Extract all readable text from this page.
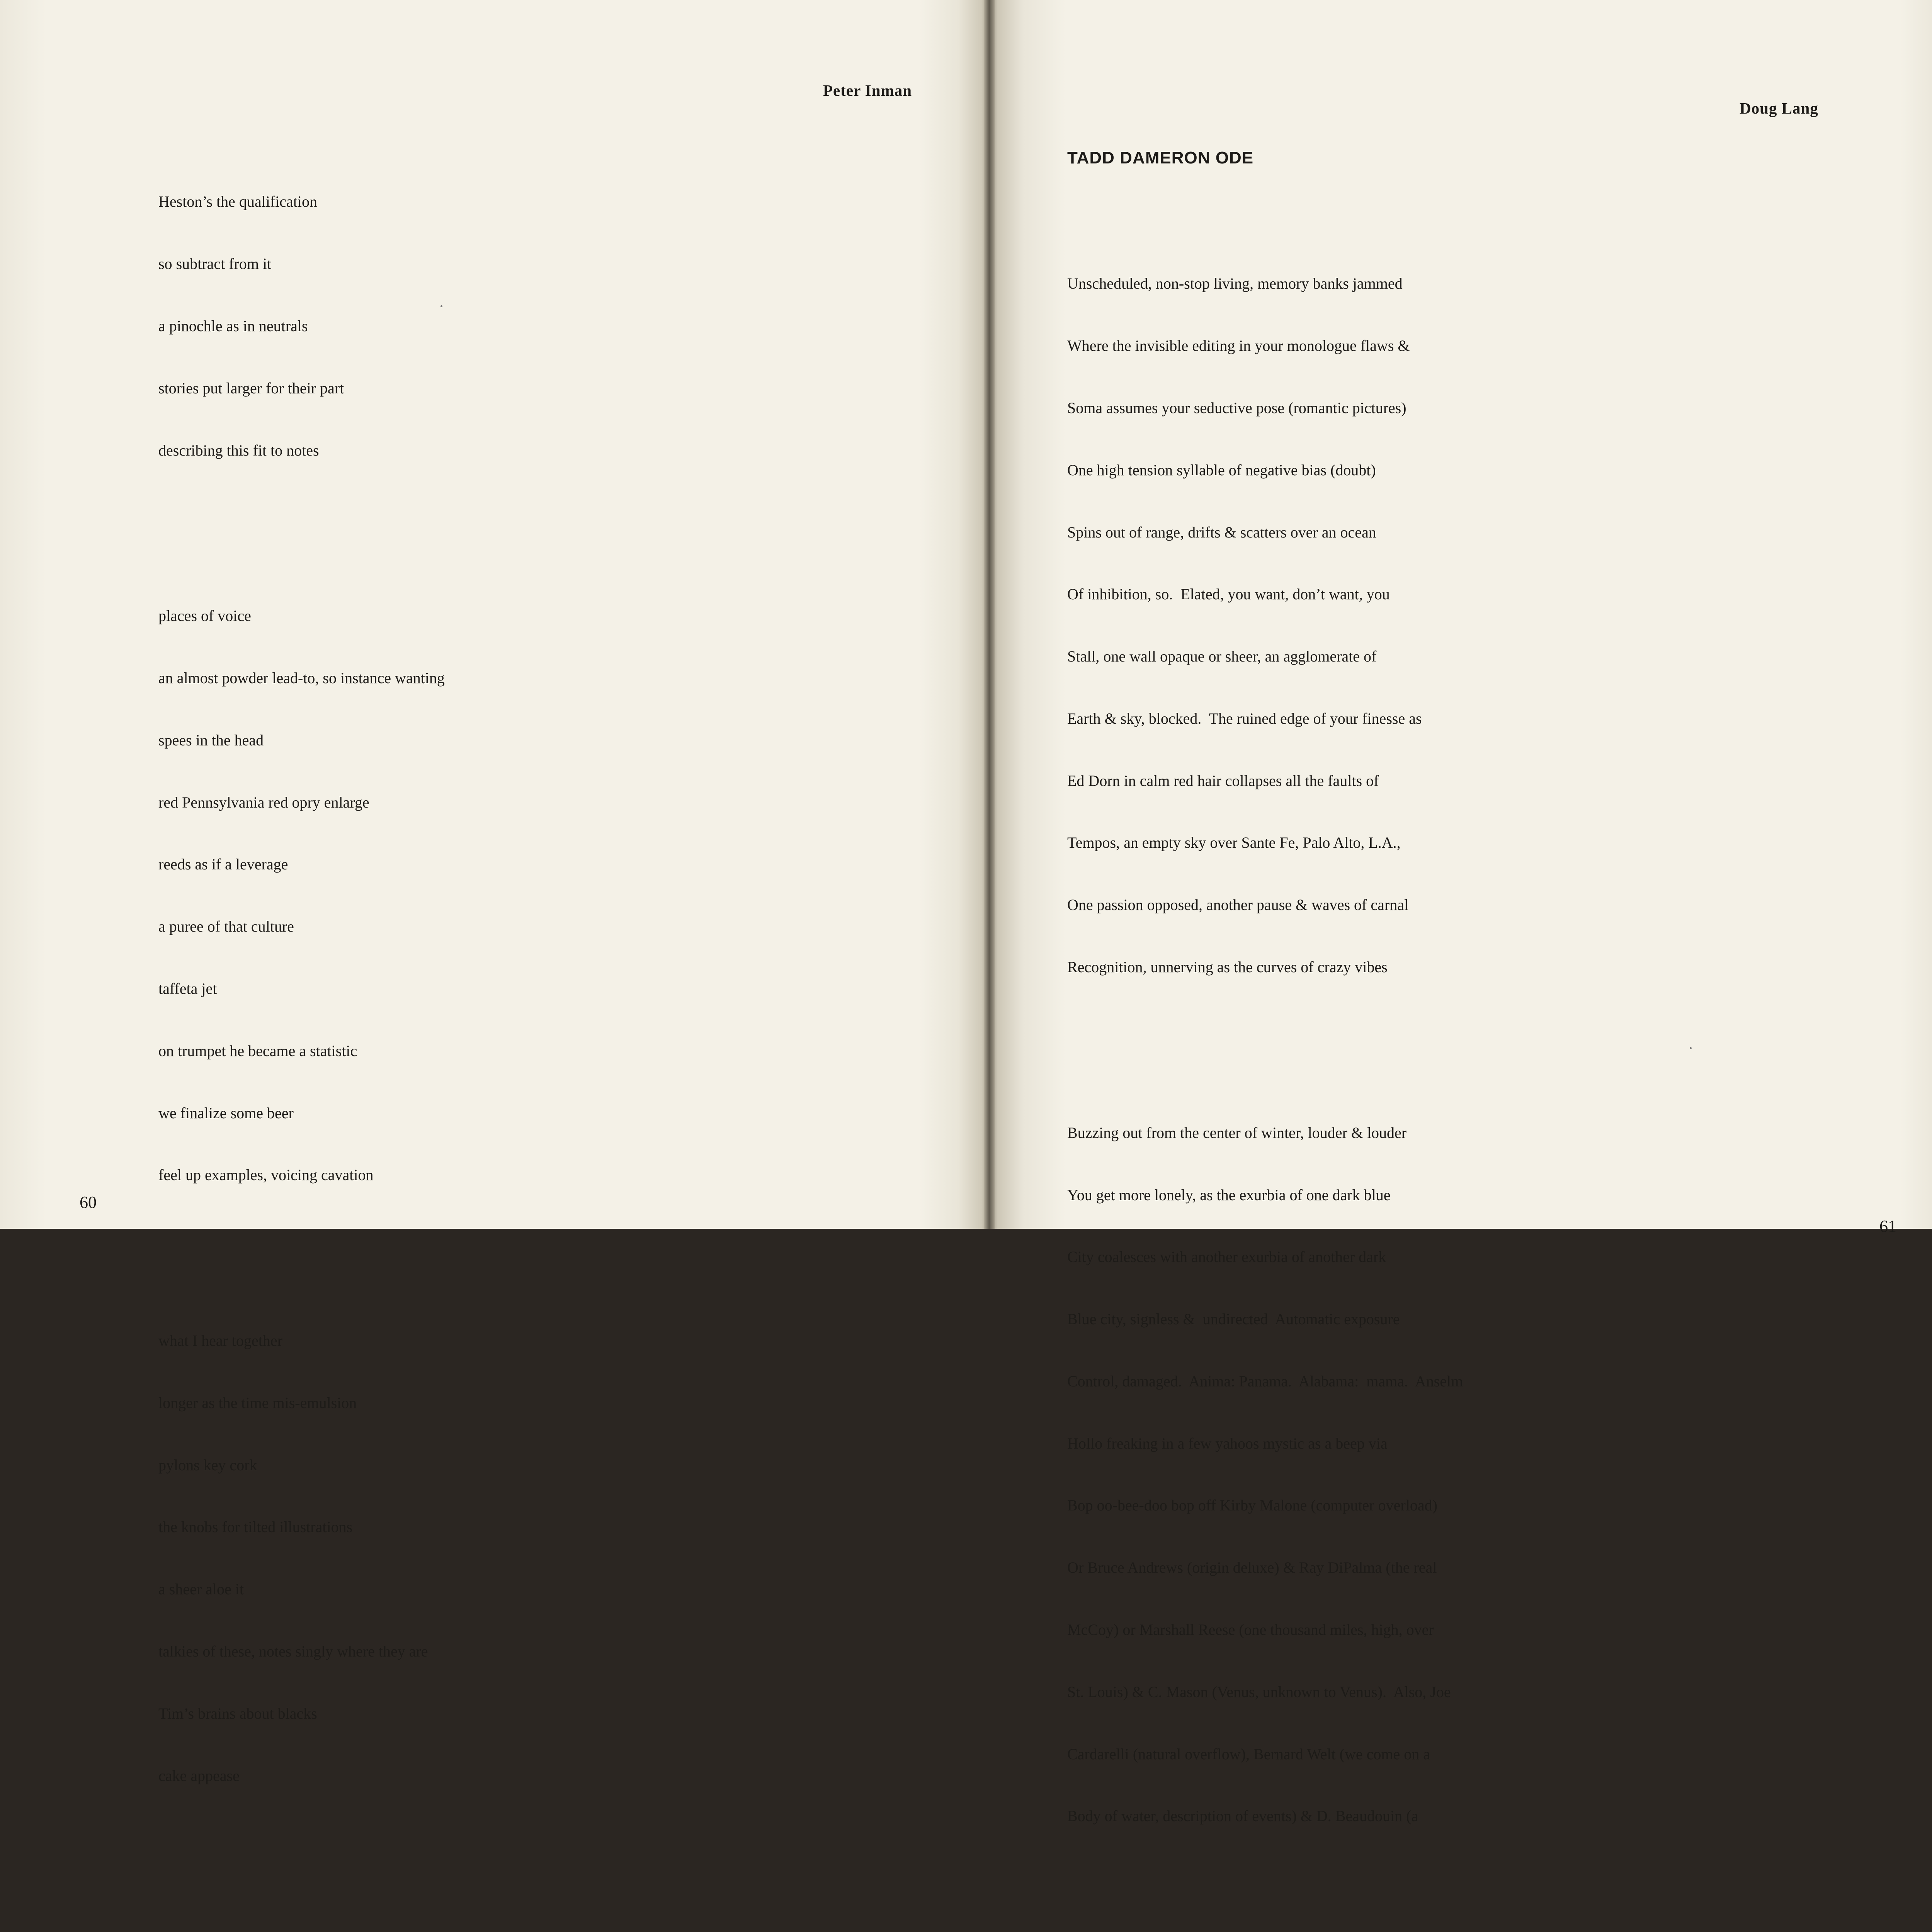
Peter Inman

Heston’s the qualification

so subtract from it

a pinochle as in neutrals

stories put larger for their part

describing this fit to notes

places of voice

an almost powder lead-to, so instance wanting

spees in the head

red Pennsylvania red opry enlarge

reeds as if a leverage

a puree of that culture

taffeta jet

on trumpet he became a statistic

we finalize some beer

feel up examples, voicing cavation

what I hear together

longer as the time mis-emulsion

pylons key cork

the knobs for tilted illustrations

a sheer aloe it

talkies of these, notes singly where they are

Tim’s brains about blacks

cake appease

60
Doug Lang
TADD DAMERON ODE

Unscheduled, non-stop living, memory banks jammed

Where the invisible editing in your monologue flaws &

Soma assumes your seductive pose (romantic pictures)

One high tension syllable of negative bias (doubt)

Spins out of range, drifts & scatters over an ocean

Of inhibition, so.  Elated, you want, don’t want, you

Stall, one wall opaque or sheer, an agglomerate of

Earth & sky, blocked.  The ruined edge of your finesse as

Ed Dorn in calm red hair collapses all the faults of

Tempos, an empty sky over Sante Fe, Palo Alto, L.A.,

One passion opposed, another pause & waves of carnal

Recognition, unnerving as the curves of crazy vibes

Buzzing out from the center of winter, louder & louder

You get more lonely, as the exurbia of one dark blue

City coalesces with another exurbia of another dark

Blue city, signless &  undirected  Automatic exposure

Control, damaged.  Anima: Panama.  Alabama:  mama.  Anselm

Hollo freaking in a few yahoos mystic as a beep via

Bop oo-bee-doo bop off Kirby Malone (computer overload)

Or Bruce Andrews (origin deluxe) & Ray DiPalma (the real

McCoy) or Marshall Reese (one thousand miles, high, over

St. Louis) & C. Mason (Venus, unknown to Venus).  Also, Joe

Cardarelli (natural overflow), Bernard Welt (we come on a

Body of water, description of events) & D. Beaudouin (a

61
